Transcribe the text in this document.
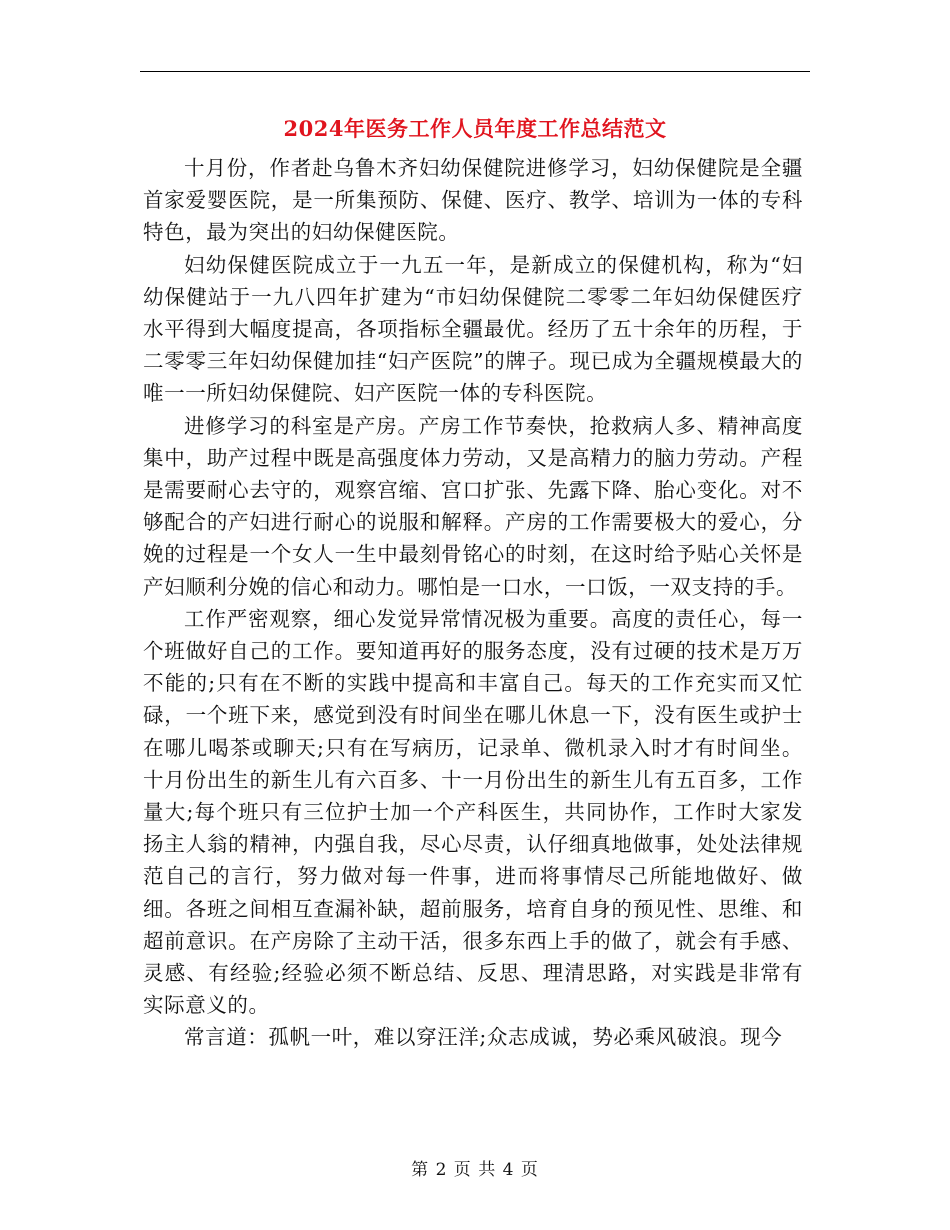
2024年医务工作人员年度工作总结范文

十月份，作者赴乌鲁木齐妇幼保健院进修学习，妇幼保健院是全疆首家爱婴医院，是一所集预防、保健、医疗、教学、培训为一体的专科特色，最为突出的妇幼保健医院。

妇幼保健医院成立于一九五一年，是新成立的保健机构，称为“妇幼保健站于一九八四年扩建为“市妇幼保健院二零零二年妇幼保健医疗水平得到大幅度提高，各项指标全疆最优。经历了五十余年的历程，于二零零三年妇幼保健加挂“妇产医院”的牌子。现已成为全疆规模最大的唯一一所妇幼保健院、妇产医院一体的专科医院。

进修学习的科室是产房。产房工作节奏快，抢救病人多、精神高度集中，助产过程中既是高强度体力劳动，又是高精力的脑力劳动。产程是需要耐心去守的，观察宫缩、宫口扩张、先露下降、胎心变化。对不够配合的产妇进行耐心的说服和解释。产房的工作需要极大的爱心，分娩的过程是一个女人一生中最刻骨铭心的时刻，在这时给予贴心关怀是产妇顺利分娩的信心和动力。哪怕是一口水，一口饭，一双支持的手。

工作严密观察，细心发觉异常情况极为重要。高度的责任心，每一个班做好自己的工作。要知道再好的服务态度，没有过硬的技术是万万不能的;只有在不断的实践中提高和丰富自己。每天的工作充实而又忙碌，一个班下来，感觉到没有时间坐在哪儿休息一下，没有医生或护士在哪儿喝茶或聊天;只有在写病历，记录单、微机录入时才有时间坐。十月份出生的新生儿有六百多、十一月份出生的新生儿有五百多，工作量大;每个班只有三位护士加一个产科医生，共同协作，工作时大家发扬主人翁的精神，内强自我，尽心尽责，认仔细真地做事，处处法律规范自己的言行，努力做对每一件事，进而将事情尽己所能地做好、做细。各班之间相互查漏补缺，超前服务，培育自身的预见性、思维、和超前意识。在产房除了主动干活，很多东西上手的做了，就会有手感、灵感、有经验;经验必须不断总结、反思、理清思路，对实践是非常有实际意义的。

常言道：孤帆一叶，难以穿汪洋;众志成诚，势必乘风破浪。现今

第 2 页 共 4 页
